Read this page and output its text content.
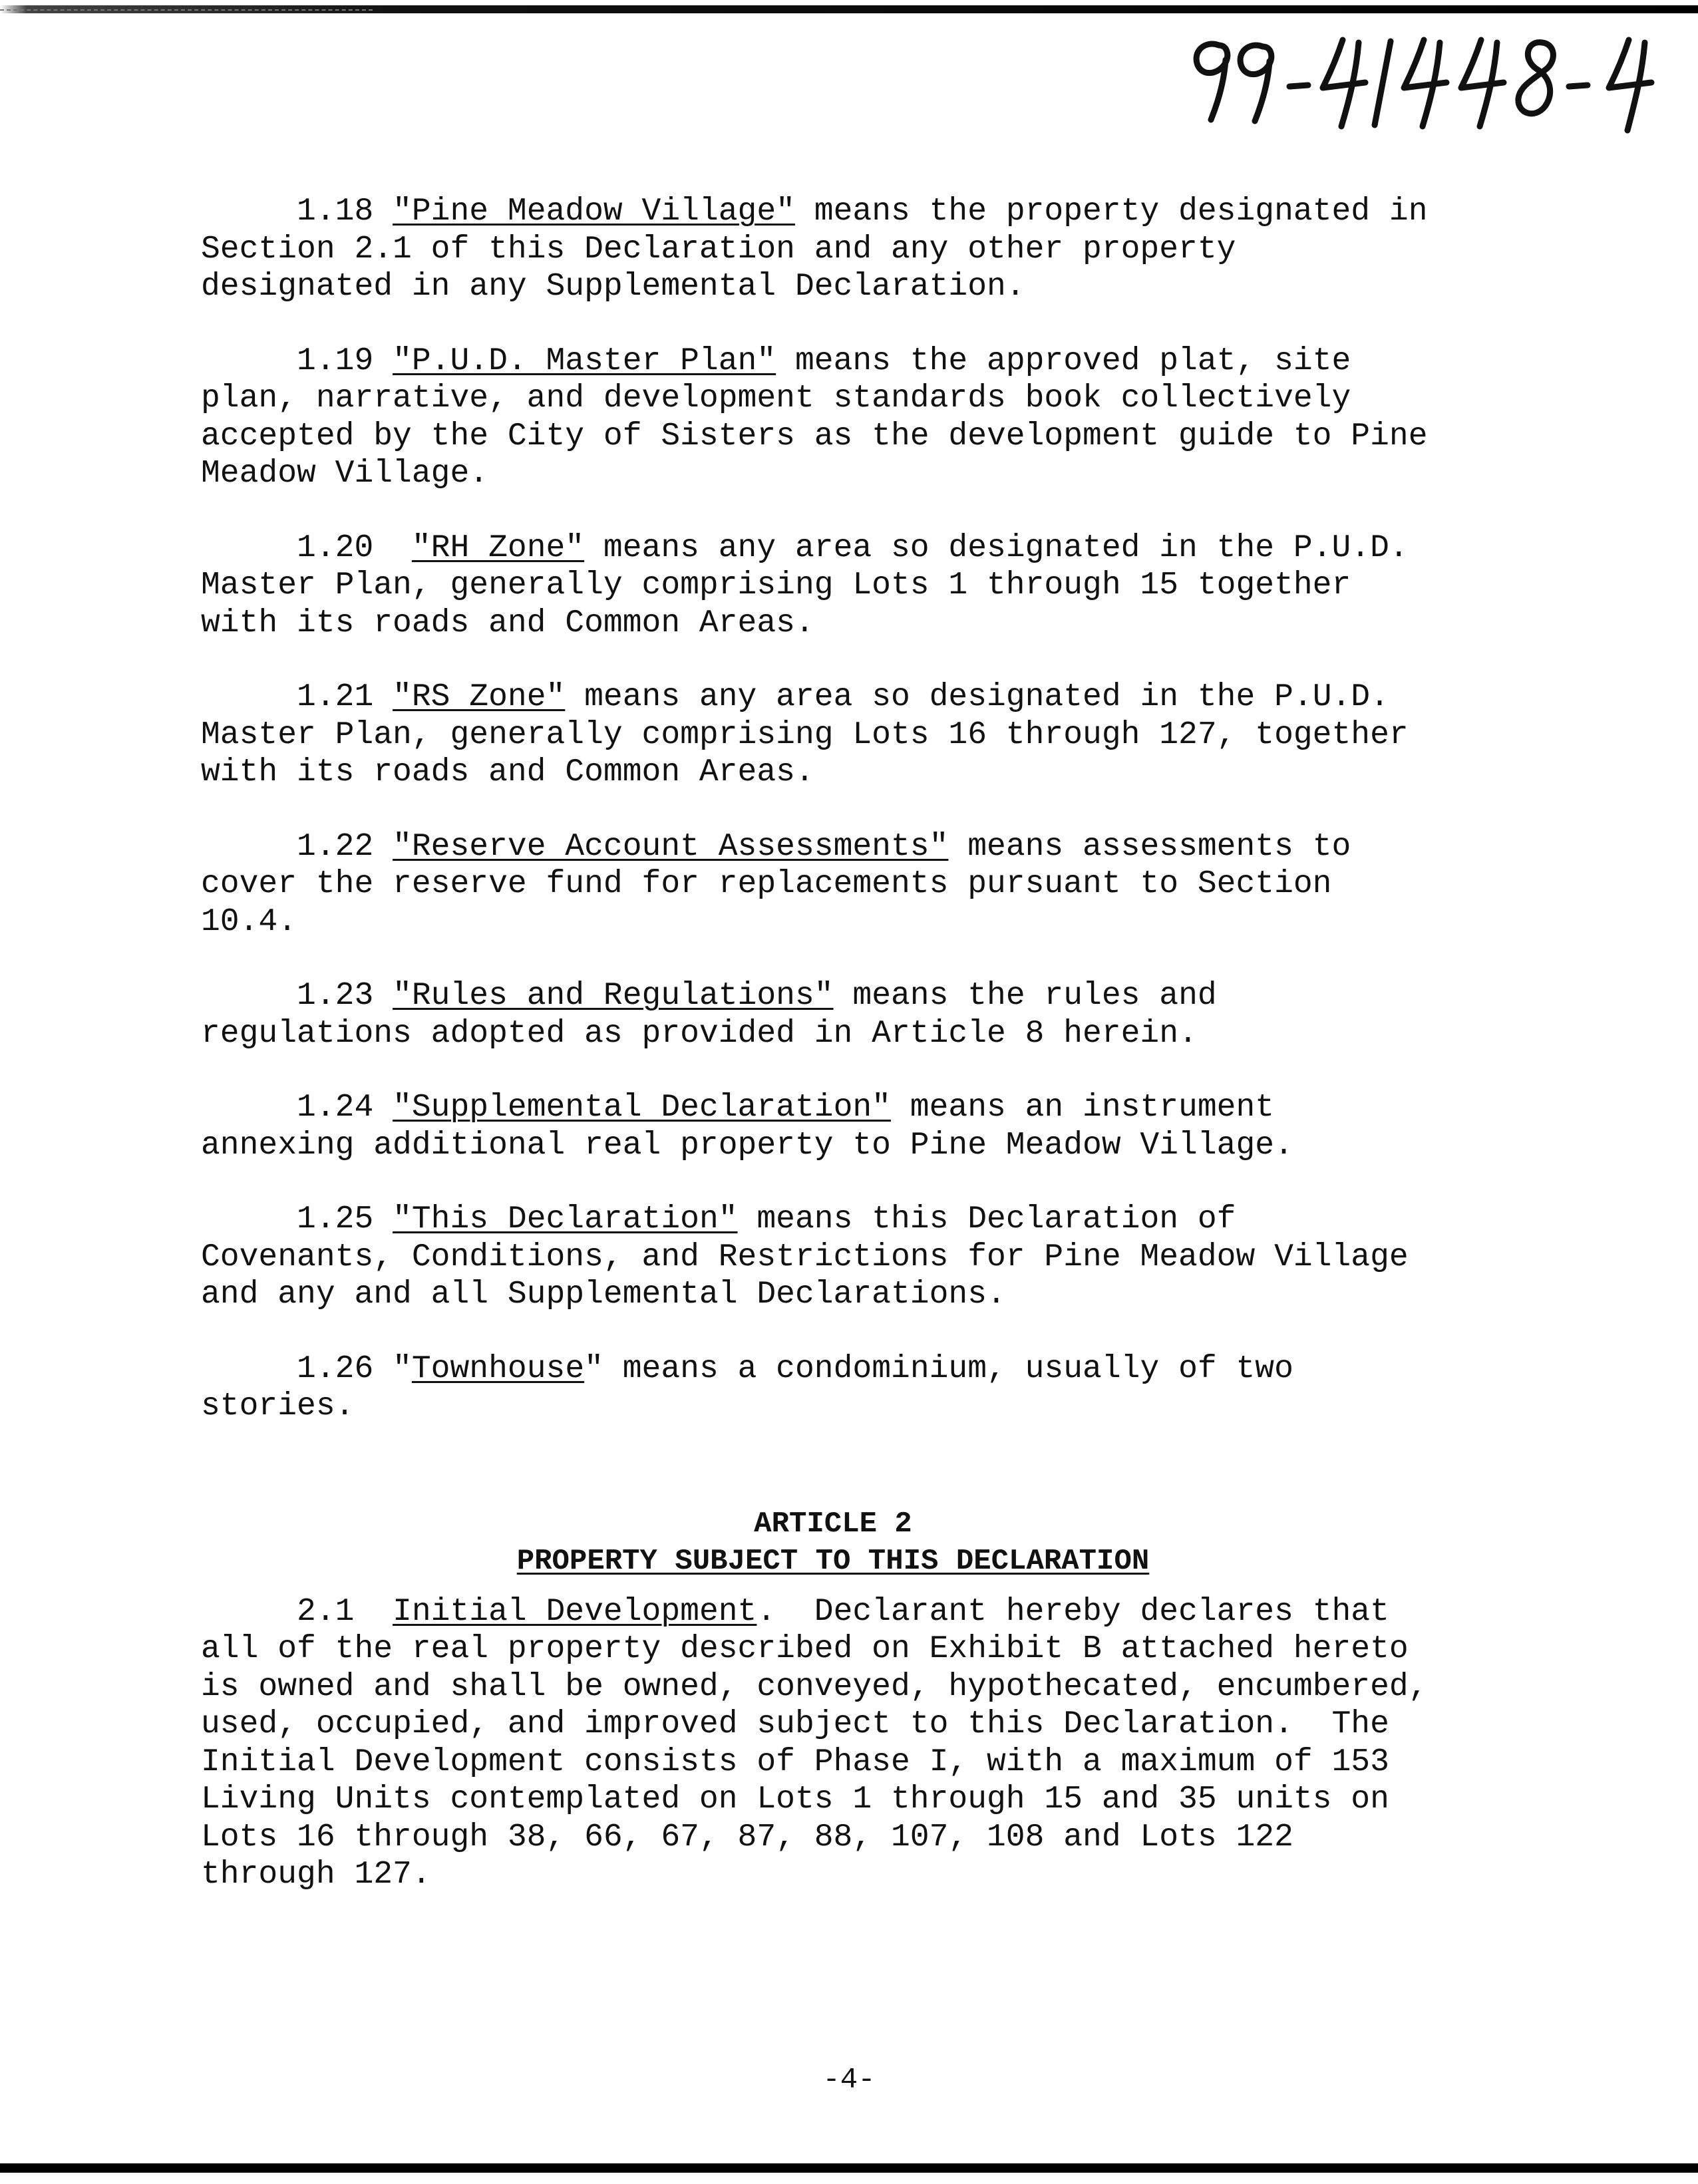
1.18 "Pine Meadow Village" means the property designated in
Section 2.1 of this Declaration and any other property
designated in any Supplemental Declaration.

1.19 "P.U.D. Master Plan" means the approved plat, site
plan, narrative, and development standards book collectively
accepted by the City of Sisters as the development guide to Pine
Meadow Village.

1.20 "RH Zone" means any area so designated in the P.U.D.
Master Plan, generally comprising Lots 1 through 15 together
with its roads and Common Areas.

1.21 "RS Zone" means any area so designated in the P.U.D.
Master Plan, generally comprising Lots 16 through 127, together
with its roads and Common Areas.

1.22 "Reserve Account Assessments" means assessments to
cover the reserve fund for replacements pursuant to Section
10.4.

1.23 "Rules and Regulations" means the rules and
regulations adopted as provided in Article 8 herein.

1.24 "Supplemental Declaration" means an instrument
annexing additional real property to Pine Meadow Village.

1.25 "This Declaration" means this Declaration of
Covenants, Conditions, and Restrictions for Pine Meadow Village
and any and all Supplemental Declarations.

1.26 "Townhouse" means a condominium, usually of two
stories.

ARTICLE 2
PROPERTY SUBJECT TO THIS DECLARATION

2.1 Initial Development.  Declarant hereby declares that
all of the real property described on Exhibit B attached hereto
is owned and shall be owned, conveyed, hypothecated, encumbered,
used, occupied, and improved subject to this Declaration.  The
Initial Development consists of Phase I, with a maximum of 153
Living Units contemplated on Lots 1 through 15 and 35 units on
Lots 16 through 38, 66, 67, 87, 88, 107, 108 and Lots 122
through 127.

-4-
